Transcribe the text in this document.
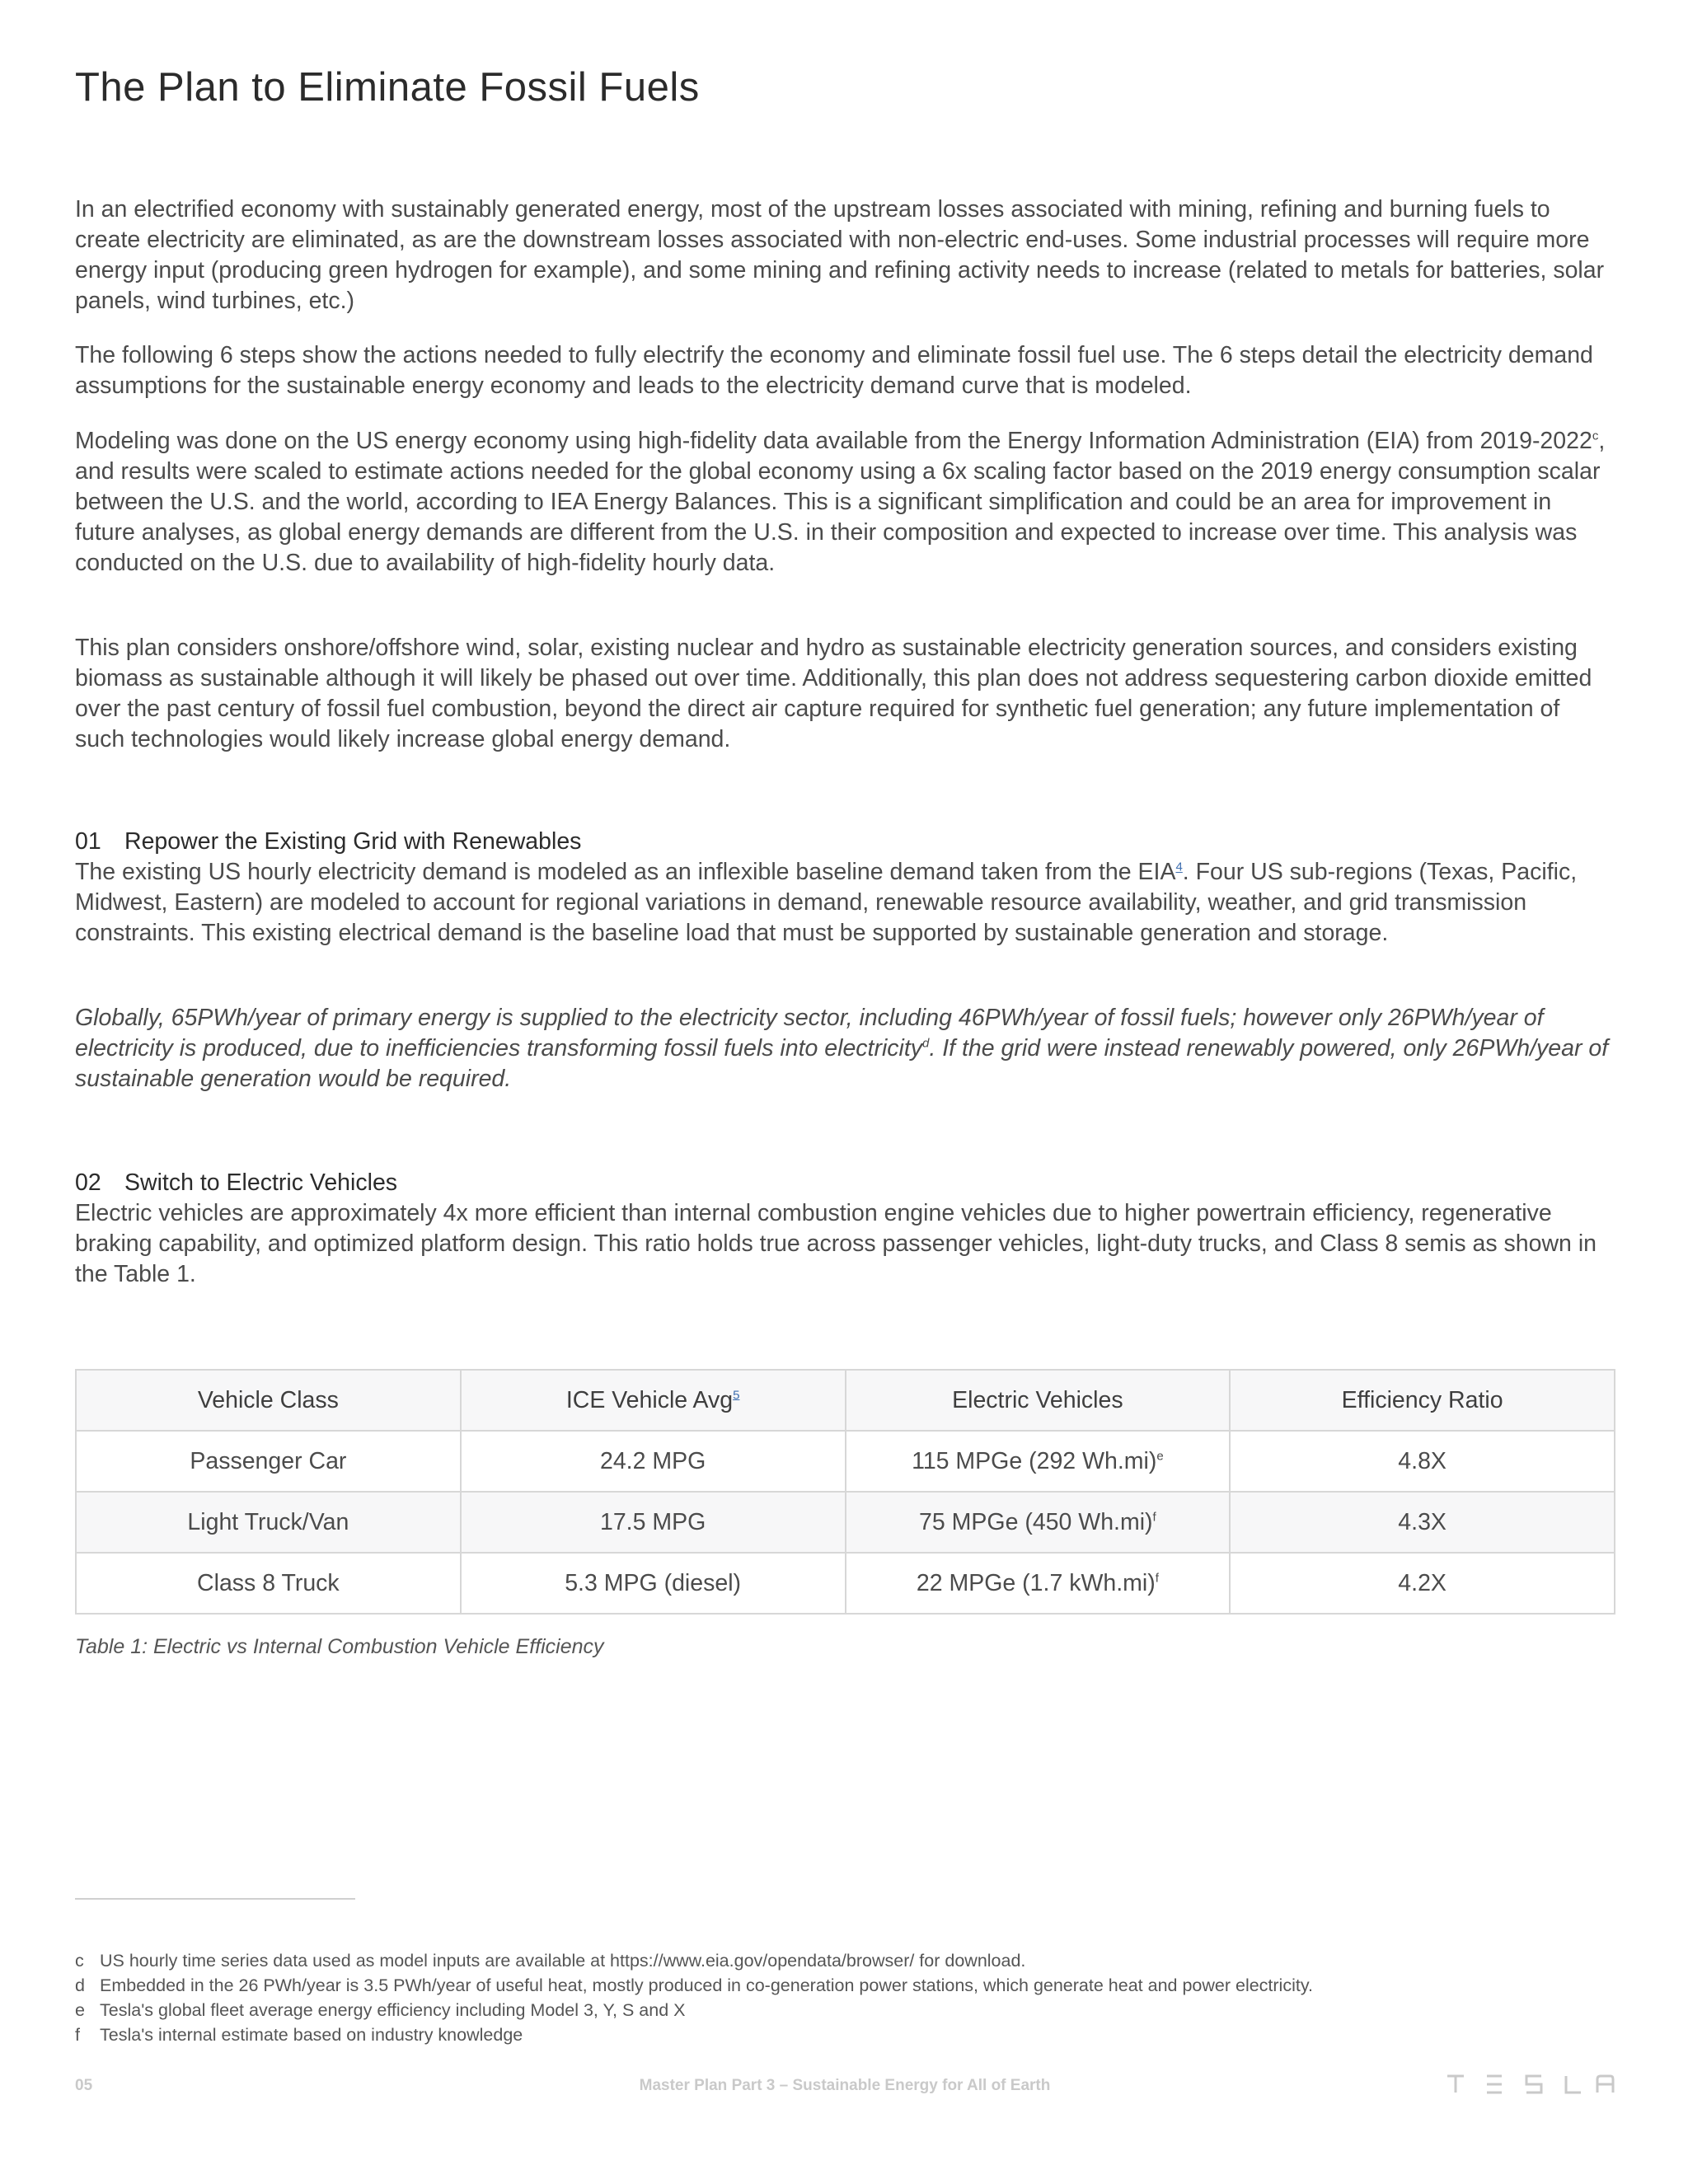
The Plan to Eliminate Fossil Fuels

In an electrified economy with sustainably generated energy, most of the upstream losses associated with mining, refining and burning fuels to create electricity are eliminated, as are the downstream losses associated with non-electric end-uses. Some industrial processes will require more energy input (producing green hydrogen for example), and some mining and refining activity needs to increase (related to metals for batteries, solar panels, wind turbines, etc.)

The following 6 steps show the actions needed to fully electrify the economy and eliminate fossil fuel use. The 6 steps detail the electricity demand assumptions for the sustainable energy economy and leads to the electricity demand curve that is modeled.

Modeling was done on the US energy economy using high-fidelity data available from the Energy Information Administration (EIA) from 2019-2022$^c$, and results were scaled to estimate actions needed for the global economy using a 6x scaling factor based on the 2019 energy consumption scalar between the U.S. and the world, according to IEA Energy Balances. This is a significant simplification and could be an area for improvement in future analyses, as global energy demands are different from the U.S. in their composition and expected to increase over time. This analysis was conducted on the U.S. due to availability of high-fidelity hourly data.

This plan considers onshore/offshore wind, solar, existing nuclear and hydro as sustainable electricity generation sources, and considers existing biomass as sustainable although it will likely be phased out over time. Additionally, this plan does not address sequestering carbon dioxide emitted over the past century of fossil fuel combustion, beyond the direct air capture required for synthetic fuel generation; any future implementation of such technologies would likely increase global energy demand.

01 Repower the Existing Grid with Renewables

The existing US hourly electricity demand is modeled as an inflexible baseline demand taken from the EIA$^4$. Four US sub-regions (Texas, Pacific, Midwest, Eastern) are modeled to account for regional variations in demand, renewable resource availability, weather, and grid transmission constraints. This existing electrical demand is the baseline load that must be supported by sustainable generation and storage.

Globally, 65PWh/year of primary energy is supplied to the electricity sector, including 46PWh/year of fossil fuels; however only 26PWh/year of electricity is produced, due to inefficiencies transforming fossil fuels into electricity$^d$. If the grid were instead renewably powered, only 26PWh/year of sustainable generation would be required.

02 Switch to Electric Vehicles

Electric vehicles are approximately 4x more efficient than internal combustion engine vehicles due to higher powertrain efficiency, regenerative braking capability, and optimized platform design. This ratio holds true across passenger vehicles, light-duty trucks, and Class 8 semis as shown in the Table 1.

Vehicle Class	ICE Vehicle Avg$^5$	Electric Vehicles	Efficiency Ratio
Passenger Car	24.2 MPG	115 MPGe (292 Wh.mi)$^e$	4.8X
Light Truck/Van	17.5 MPG	75 MPGe (450 Wh.mi)$^f$	4.3X
Class 8 Truck	5.3 MPG (diesel)	22 MPGe (1.7 kWh.mi)$^f$	4.2X

Table 1: Electric vs Internal Combustion Vehicle Efficiency

c US hourly time series data used as model inputs are available at https://www.eia.gov/opendata/browser/ for download.
d Embedded in the 26 PWh/year is 3.5 PWh/year of useful heat, mostly produced in co-generation power stations, which generate heat and power electricity.
e Tesla's global fleet average energy efficiency including Model 3, Y, S and X
f	Tesla's internal estimate based on industry knowledge
05	Master Plan Part 3 – Sustainable Energy for All of Earth
